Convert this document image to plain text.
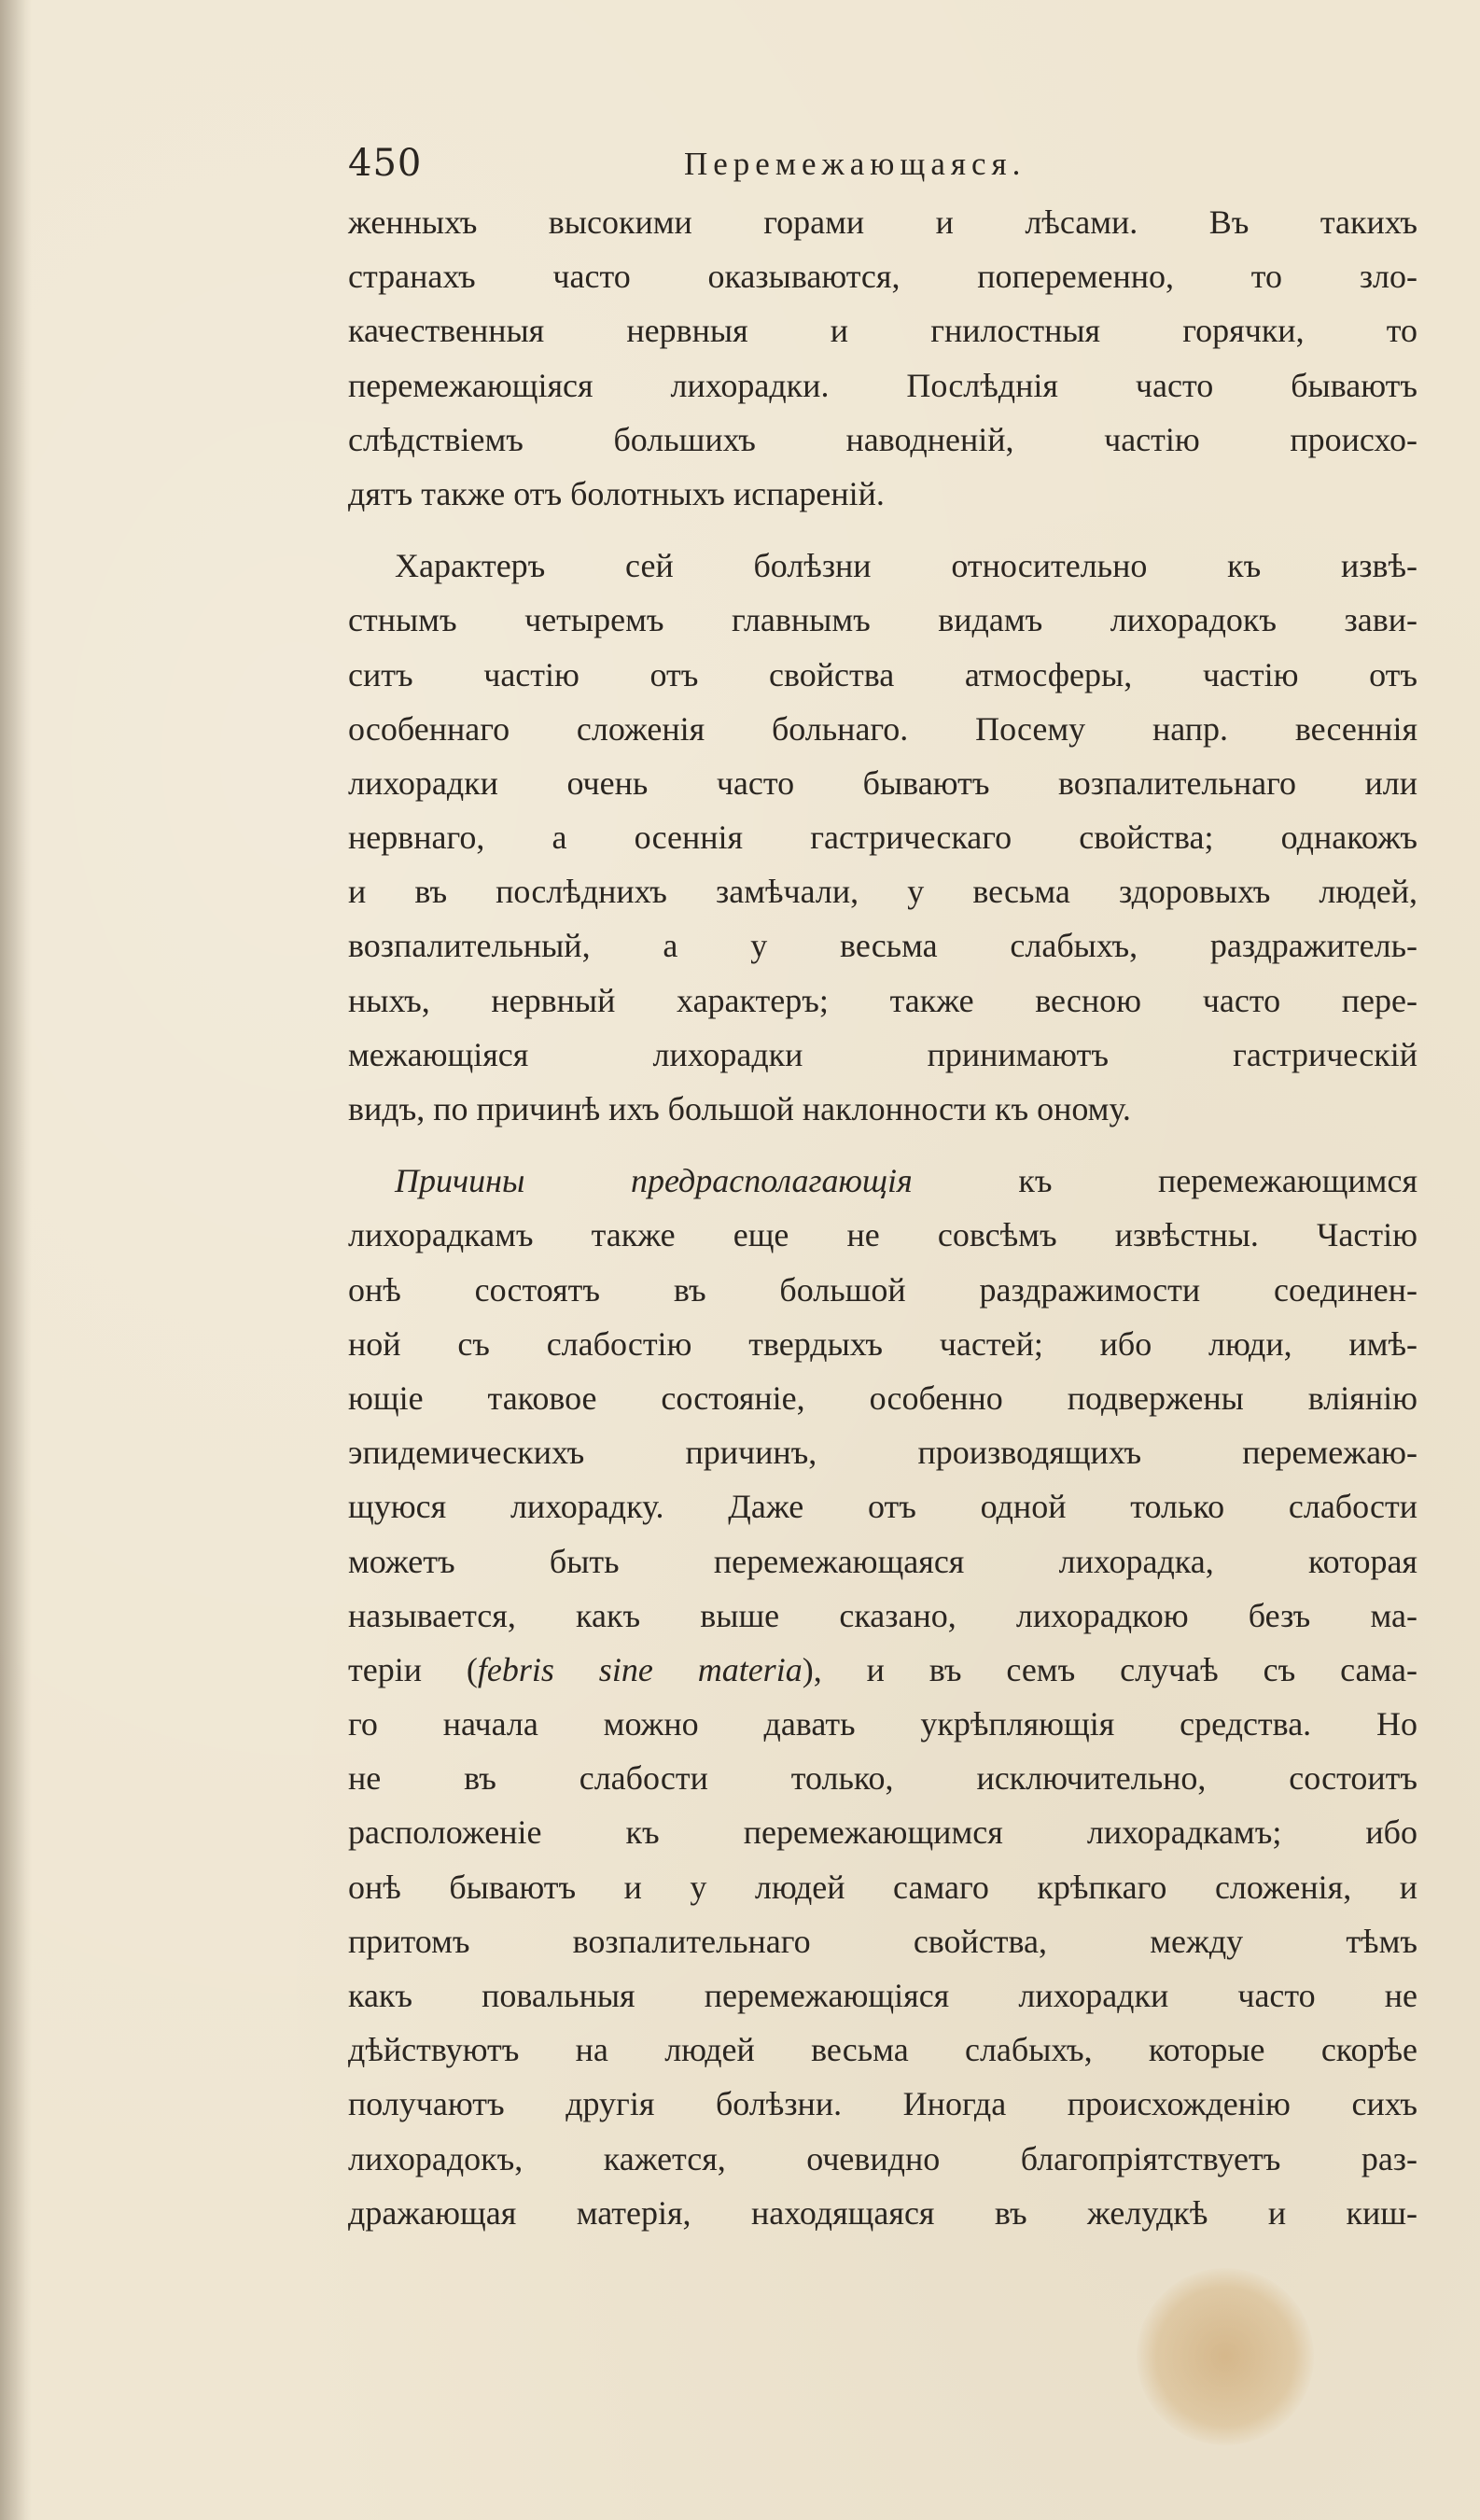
450	Перемежающаяся.
женныхъ высокими горами и лѣсами. Въ такихъ
странахъ часто оказываются, попеременно, то зло-
качественныя нервныя и гнилостныя горячки, то
перемежающiяся лихорадки. Послѣднiя часто бываютъ
слѣдствiемъ большихъ наводненiй, частiю происхо-
дятъ также отъ болотныхъ испаренiй.
Характеръ сей болѣзни относительно къ извѣ-
стнымъ четыремъ главнымъ видамъ лихорадокъ зави-
ситъ частiю отъ свойства атмосферы, частiю отъ
особеннаго сложенiя больнаго. Посему напр. весеннiя
лихорадки очень часто бываютъ возпалительнаго или
нервнаго, а осеннiя гастрическаго свойства; однакожъ
и въ послѣднихъ замѣчали, у весьма здоровыхъ людей,
возпалительный, а у весьма слабыхъ, раздражитель-
ныхъ, нервный характеръ; также весною часто пере-
межающiяся лихорадки принимаютъ гастрическiй
видъ, по причинѣ ихъ большой наклонности къ оному.
Причины предрасполагающiя къ перемежающимся
лихорадкамъ также еще не совсѣмъ извѣстны. Частiю
онѣ состоятъ въ большой раздражимости соединен-
ной съ слабостiю твердыхъ частей; ибо люди, имѣ-
ющiе таковое состоянiе, особенно подвержены влiянiю
эпидемическихъ причинъ, производящихъ перемежаю-
щуюся лихорадку. Даже отъ одной только слабости
можетъ быть перемежающаяся лихорадка, которая
называется, какъ выше сказано, лихорадкою безъ ма-
терiи (febris sine materia), и въ семъ случаѣ съ сама-
го начала можно давать укрѣпляющiя средства. Но
не въ слабости только, исключительно, состоитъ
расположенiе къ перемежающимся лихорадкамъ; ибо
онѣ бываютъ и у людей самаго крѣпкаго сложенiя, и
притомъ возпалительнаго свойства, между тѣмъ
какъ повальныя перемежающiяся лихорадки часто не
дѣйствуютъ на людей весьма слабыхъ, которые скорѣе
получаютъ другiя болѣзни. Иногда происхожденiю сихъ
лихорадокъ, кажется, очевидно благопрiятствуетъ раз-
дражающая матерiя, находящаяся въ желудкѣ и киш-
